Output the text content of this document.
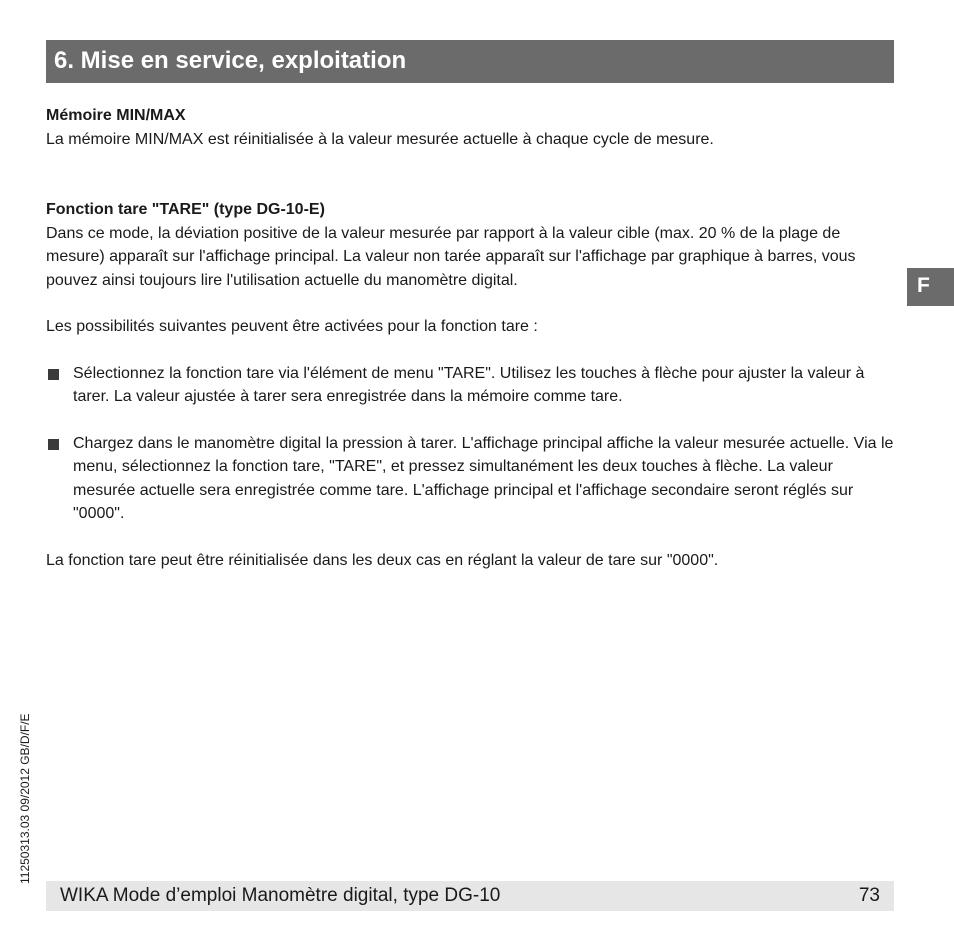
6. Mise en service, exploitation

Mémoire MIN/MAX

La mémoire MIN/MAX est réinitialisée à la valeur mesurée actuelle à chaque cycle de mesure.

Fonction tare "TARE" (type DG-10-E)

Dans ce mode, la déviation positive de la valeur mesurée par rapport à la valeur cible (max. 20 % de la plage de mesure) apparaît sur l'affichage principal. La valeur non tarée apparaît sur l'affichage par graphique à barres, vous pouvez ainsi toujours lire l'utilisation actuelle du manomètre digital.

Les possibilités suivantes peuvent être activées pour la fonction tare :

Sélectionnez la fonction tare via l'élément de menu "TARE". Utilisez les touches à flèche pour ajuster la valeur à tarer. La valeur ajustée à tarer sera enregistrée dans la mémoire comme tare.
Chargez dans le manomètre digital la pression à tarer. L'affichage principal affiche la valeur mesurée actuelle. Via le menu, sélectionnez la fonction tare, "TARE", et pressez simultanément les deux touches à flèche. La valeur mesurée actuelle sera enregistrée comme tare. L'affichage principal et l'affichage secondaire seront réglés sur "0000".

La fonction tare peut être réinitialisée dans les deux cas en réglant la valeur de tare sur "0000".

F
11250313.03 09/2012 GB/D/F/E
WIKA Mode d’emploi Manomètre digital, type DG-10	73
